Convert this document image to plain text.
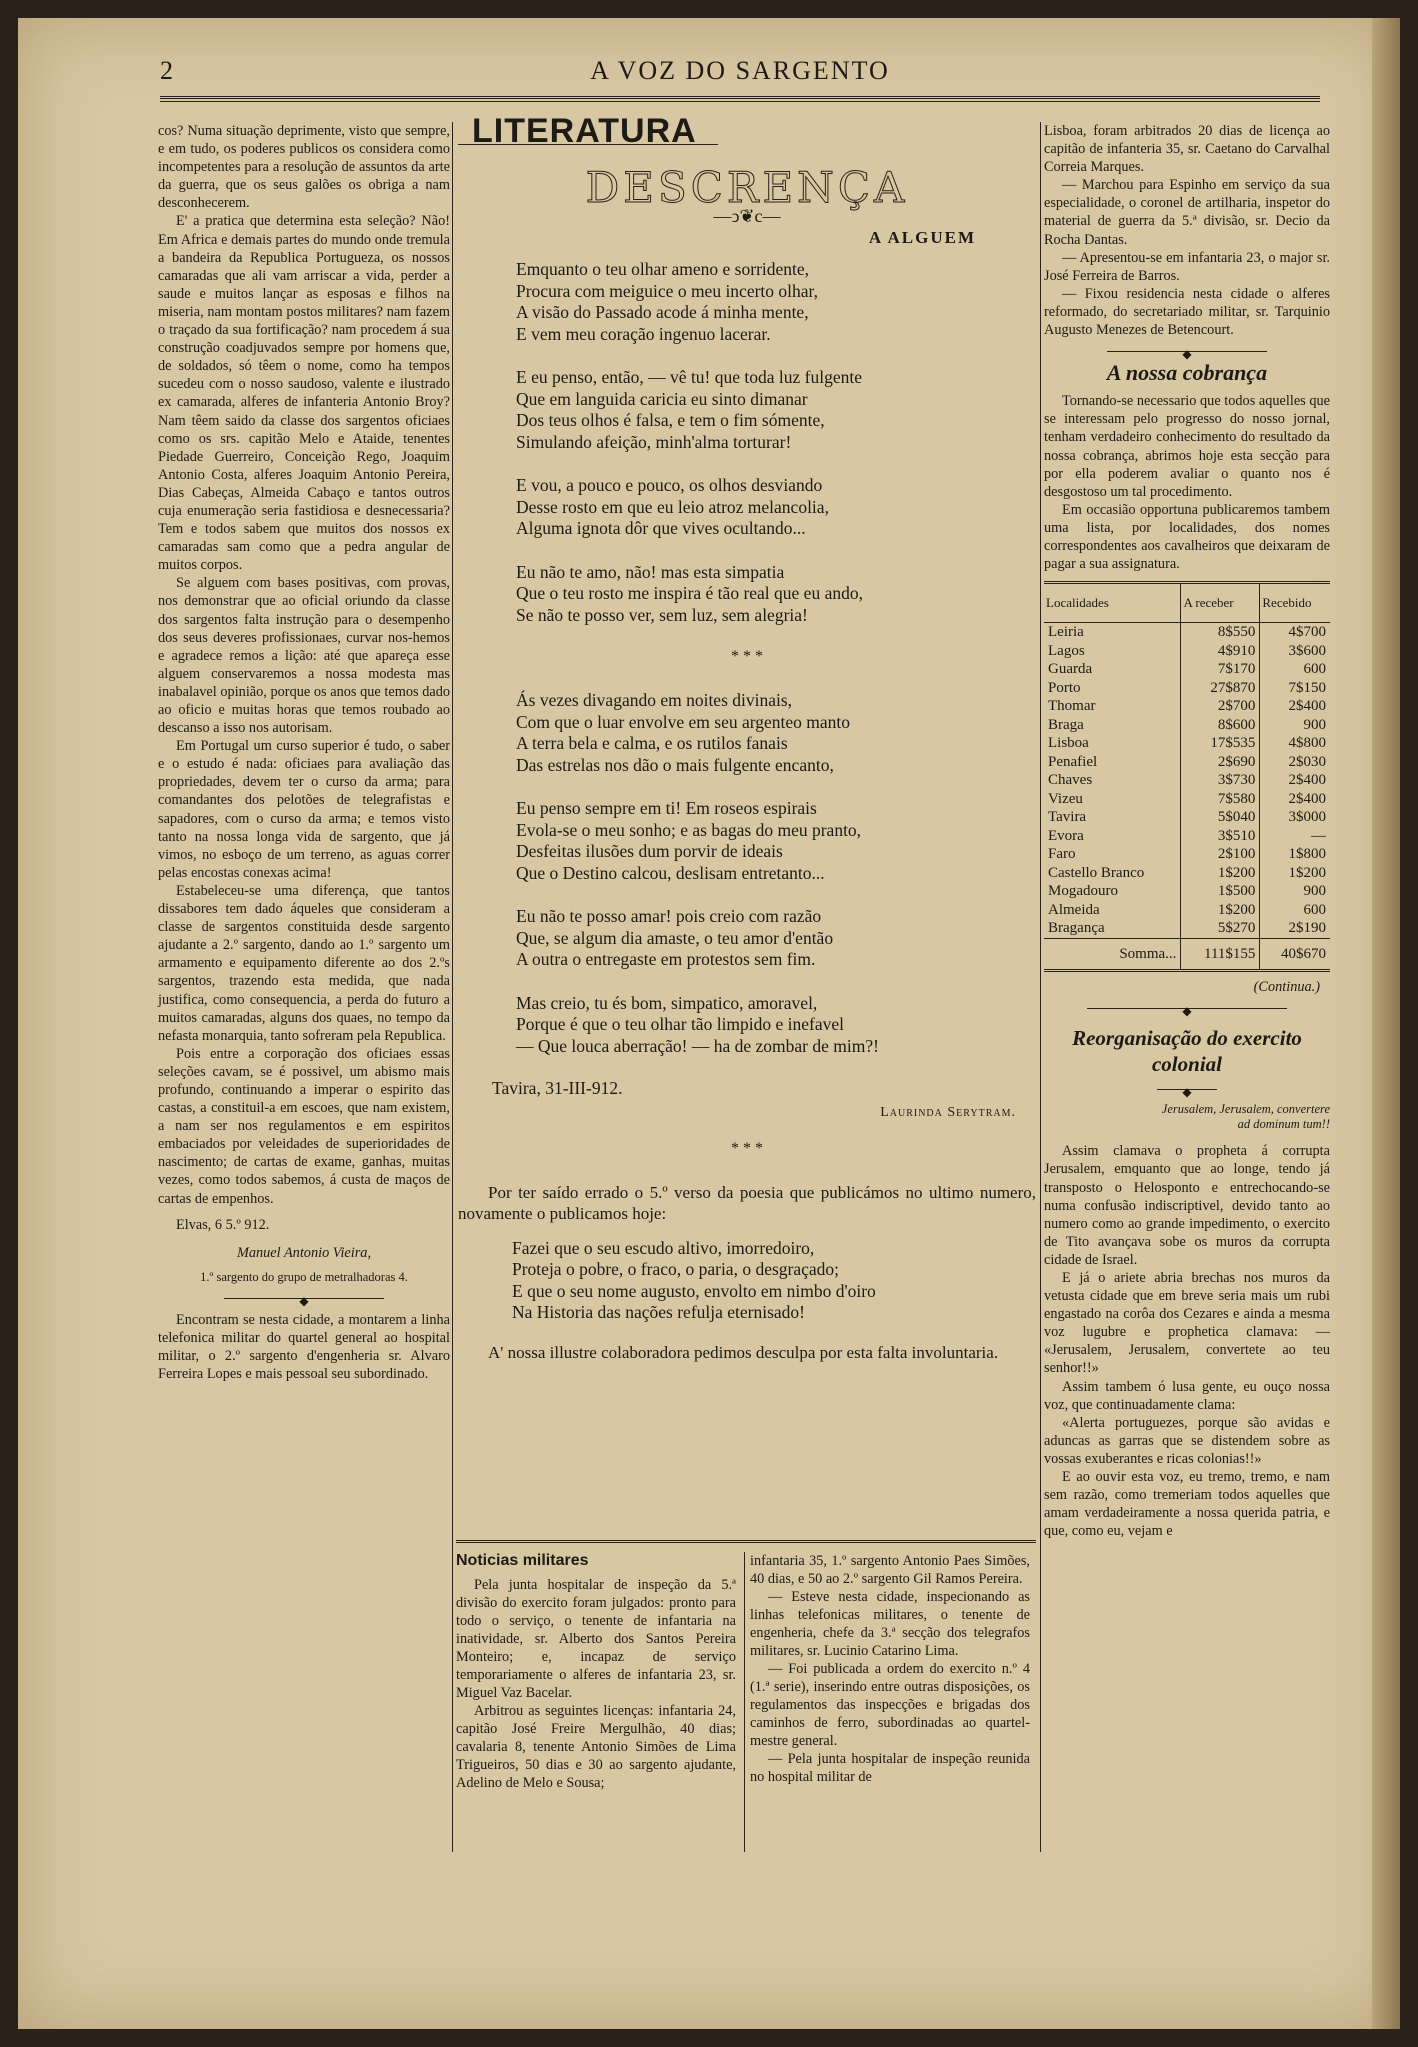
2	A VOZ DO SARGENTO

cos? Numa situação deprimente, visto que sempre, e em tudo, os poderes publicos os considera como incompetentes para a resolução de assuntos da arte da guerra, que os seus galões os obriga a nam desconhecerem.

E' a pratica que determina esta seleção? Não! Em Africa e demais partes do mundo onde tremula a bandeira da Republica Portugueza, os nossos camaradas que ali vam arriscar a vida, perder a saude e muitos lançar as esposas e filhos na miseria, nam montam postos militares? nam fazem o traçado da sua fortificação? nam procedem á sua construção coadjuvados sempre por homens que, de soldados, só têem o nome, como ha tempos sucedeu com o nosso saudoso, valente e ilustrado ex camarada, alferes de infanteria Antonio Broy? Nam têem saido da classe dos sargentos oficiaes como os srs. capitão Melo e Ataide, tenentes Piedade Guerreiro, Conceição Rego, Joaquim Antonio Costa, alferes Joaquim Antonio Pereira, Dias Cabeças, Almeida Cabaço e tantos outros cuja enumeração seria fastidiosa e desnecessaria? Tem e todos sabem que muitos dos nossos ex camaradas sam como que a pedra angular de muitos corpos.

Se alguem com bases positivas, com provas, nos demonstrar que ao oficial oriundo da classe dos sargentos falta instrução para o desempenho dos seus deveres profissionaes, curvar nos-hemos e agradece remos a lição: até que apareça esse alguem conservaremos a nossa modesta mas inabalavel opinião, porque os anos que temos dado ao oficio e muitas horas que temos roubado ao descanso a isso nos autorisam.

Em Portugal um curso superior é tudo, o saber e o estudo é nada: oficiaes para avaliação das propriedades, devem ter o curso da arma; para comandantes dos pelotões de telegrafistas e sapadores, com o curso da arma; e temos visto tanto na nossa longa vida de sargento, que já vimos, no esboço de um terreno, as aguas correr pelas encostas conexas acima!

Estabeleceu-se uma diferença, que tantos dissabores tem dado áqueles que consideram a classe de sargentos constituida desde sargento ajudante a 2.º sargento, dando ao 1.º sargento um armamento e equipamento diferente ao dos 2.ºs sargentos, trazendo esta medida, que nada justifica, como consequencia, a perda do futuro a muitos camaradas, alguns dos quaes, no tempo da nefasta monarquia, tanto sofreram pela Republica.

Pois entre a corporação dos oficiaes essas seleções cavam, se é possivel, um abismo mais profundo, continuando a imperar o espirito das castas, a constituil-a em escoes, que nam existem, a nam ser nos regulamentos e em espiritos embaciados por veleidades de superioridades de nascimento; de cartas de exame, ganhas, muitas vezes, como todos sabemos, á custa de maços de cartas de empenhos.

Elvas, 6 5.º 912.

Manuel Antonio Vieira,
1.º sargento do grupo de metralhadoras 4.
◆

Encontram se nesta cidade, a montarem a linha telefonica militar do quartel general ao hospital militar, o 2.º sargento d'engenheria sr. Alvaro Ferreira Lopes e mais pessoal seu subordinado.

LITERATURA
DESCRENÇA
—ↄ❦c—
A ALGUEM
Emquanto o teu olhar ameno e sorridente,
Procura com meiguice o meu incerto olhar,
A visão do Passado acode á minha mente,
E vem meu coração ingenuo lacerar.
E eu penso, então, — vê tu! que toda luz fulgente
Que em languida caricia eu sinto dimanar
Dos teus olhos é falsa, e tem o fim sómente,
Simulando afeição, minh'alma torturar!
E vou, a pouco e pouco, os olhos desviando
Desse rosto em que eu leio atroz melancolia,
Alguma ignota dôr que vives ocultando...
Eu não te amo, não! mas esta simpatia
Que o teu rosto me inspira é tão real que eu ando,
Se não te posso ver, sem luz, sem alegria!
* * *
Ás vezes divagando em noites divinais,
Com que o luar envolve em seu argenteo manto
A terra bela e calma, e os rutilos fanais
Das estrelas nos dão o mais fulgente encanto,
Eu penso sempre em ti! Em roseos espirais
Evola-se o meu sonho; e as bagas do meu pranto,
Desfeitas ilusões dum porvir de ideais
Que o Destino calcou, deslisam entretanto...
Eu não te posso amar! pois creio com razão
Que, se algum dia amaste, o teu amor d'então
A outra o entregaste em protestos sem fim.
Mas creio, tu és bom, simpatico, amoravel,
Porque é que o teu olhar tão limpido e inefavel
— Que louca aberração! — ha de zombar de mim?!
Tavira, 31-III-912.
Laurinda Serytram.
* * *
Por ter saído errado o 5.º verso da poesia que publicámos no ultimo numero, novamente o publicamos hoje:
Fazei que o seu escudo altivo, imorredoiro,
Proteja o pobre, o fraco, o paria, o desgraçado;
E que o seu nome augusto, envolto em nimbo d'oiro
Na Historia das nações refulja eternisado!
A' nossa illustre colaboradora pedimos desculpa por esta falta involuntaria.
Noticias militares

Pela junta hospitalar de inspeção da 5.ª divisão do exercito foram julgados: pronto para todo o serviço, o tenente de infantaria na inatividade, sr. Alberto dos Santos Pereira Monteiro; e, incapaz de serviço temporariamente o alferes de infantaria 23, sr. Miguel Vaz Bacelar.

Arbitrou as seguintes licenças: infantaria 24, capitão José Freire Mergulhão, 40 dias; cavalaria 8, tenente Antonio Simões de Lima Trigueiros, 50 dias e 30 ao sargento ajudante, Adelino de Melo e Sousa;

infantaria 35, 1.º sargento Antonio Paes Simões, 40 dias, e 50 ao 2.º sargento Gil Ramos Pereira.

— Esteve nesta cidade, inspecionando as linhas telefonicas militares, o tenente de engenheria, chefe da 3.ª secção dos telegrafos militares, sr. Lucinio Catarino Lima.

— Foi publicada a ordem do exercito n.º 4 (1.ª serie), inserindo entre outras disposições, os regulamentos das inspecções e brigadas dos caminhos de ferro, subordinadas ao quartel-mestre general.

— Pela junta hospitalar de inspeção reunida no hospital militar de

Lisboa, foram arbitrados 20 dias de licença ao capitão de infanteria 35, sr. Caetano do Carvalhal Correia Marques.

— Marchou para Espinho em serviço da sua especialidade, o coronel de artilharia, inspetor do material de guerra da 5.ª divisão, sr. Decio da Rocha Dantas.

— Apresentou-se em infantaria 23, o major sr. José Ferreira de Barros.

— Fixou residencia nesta cidade o alferes reformado, do secretariado militar, sr. Tarquinio Augusto Menezes de Betencourt.

◆
A nossa cobrança

Tornando-se necessario que todos aquelles que se interessam pelo progresso do nosso jornal, tenham verdadeiro conhecimento do resultado da nossa cobrança, abrimos hoje esta secção para por ella poderem avaliar o quanto nos é desgostoso um tal procedimento.

Em occasião opportuna publicaremos tambem uma lista, por localidades, dos nomes correspondentes aos cavalheiros que deixaram de pagar a sua assignatura.

Localidades	A receber	Recebido
Leiria	8$550	4$700
Lagos	4$910	3$600
Guarda	7$170	600
Porto	27$870	7$150
Thomar	2$700	2$400
Braga	8$600	900
Lisboa	17$535	4$800
Penafiel	2$690	2$030
Chaves	3$730	2$400
Vizeu	7$580	2$400
Tavira	5$040	3$000
Evora	3$510	—
Faro	2$100	1$800
Castello Branco	1$200	1$200
Mogadouro	1$500	900
Almeida	1$200	600
Bragança	5$270	2$190
Somma...	111$155	40$670
(Continua.)
◆
Reorganisação do exercito
colonial
◆
Jerusalem, Jerusalem, convertere
ad dominum tum!!

Assim clamava o propheta á corrupta Jerusalem, emquanto que ao longe, tendo já transposto o Helosponto e entrechocando-se numa confusão indiscriptivel, devido tanto ao numero como ao grande impedimento, o exercito de Tito avançava sobe os muros da corrupta cidade de Israel.

E já o ariete abria brechas nos muros da vetusta cidade que em breve seria mais um rubi engastado na corôa dos Cezares e ainda a mesma voz lugubre e prophetica clamava: — «Jerusalem, Jerusalem, convertete ao teu senhor!!»

Assim tambem ó lusa gente, eu ouço nossa voz, que continuadamente clama:

«Alerta portuguezes, porque são avidas e aduncas as garras que se distendem sobre as vossas exuberantes e ricas colonias!!»

E ao ouvir esta voz, eu tremo, tremo, e nam sem razão, como tremeriam todos aquelles que amam verdadeiramente a nossa querida patria, e que, como eu, vejam e
